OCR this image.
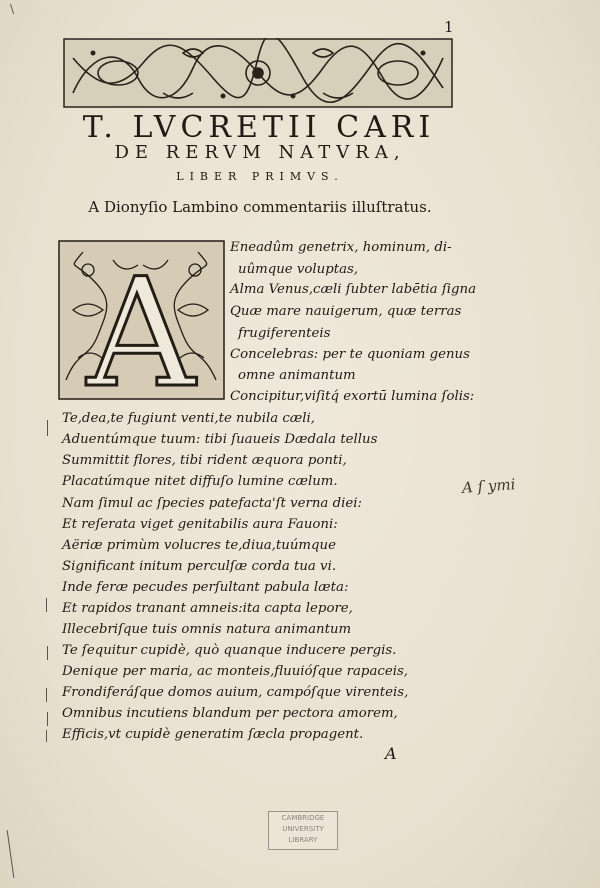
\
1
T. LVCRETII CARI
DE RERVM NATVRA,
LIBER PRIMVS.
A Dionyſio Lambino commentariis illuſtratus.
A	Eneadûm genetrix, hominum, di-
uûmque voluptas,
Alma Venus,cæli ſubter labētia ſigna
Quæ mare nauigerum, quæ terras
frugiferenteis
Concelebras: per te quoniam genus
omne animantum
Concipitur,viſitq́ exortū lumina ſolis:
Te,dea,te fugiunt venti,te nubila cæli,
Aduentúmque tuum: tibi ſuaueis Dædala tellus
Summittit flores, tibi rident æquora ponti,
Placatúmque nitet diffuſo lumine cælum.
Nam ſimul ac ſpecies patefacta'ſt verna diei:
Et reſerata viget genitabilis aura Fauoni:
Aëriæ primùm volucres te,diua,tuúmque
Significant initum perculſæ corda tua vi.
Inde feræ pecudes perſultant pabula læta:
Et rapidos tranant amneis:ita capta lepore,
Illecebriſque tuis omnis natura animantum
Te ſequitur cupidè, quò quanque inducere pergis.
Denique per maria, ac monteis,fluuióſque rapaceis,
Frondiferáſque domos auium, campóſque virenteis,
Omnibus incutiens blandum per pectora amorem,
Efficis,vt cupidè generatim ſæcla propagent.
A ſ ymi
A
CAMBRIDGE
UNIVERSITY
LIBRARY
